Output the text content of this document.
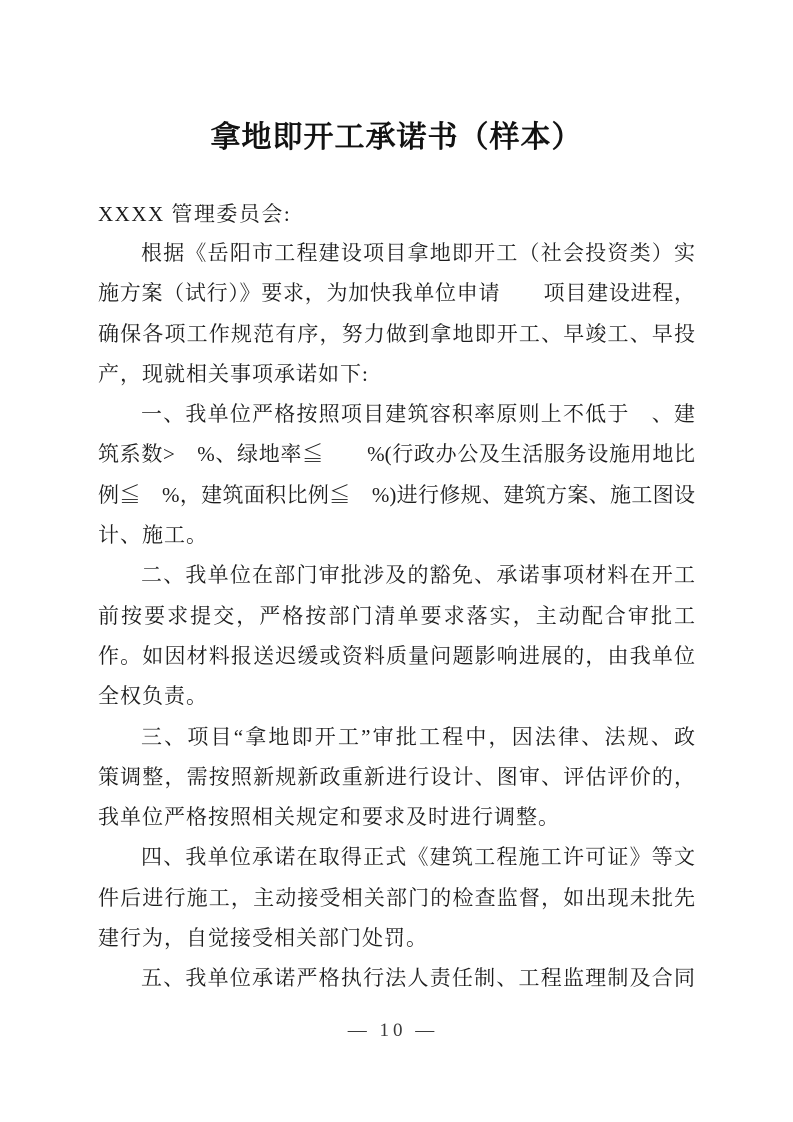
拿地即开工承诺书（样本）
XXXX 管理委员会:
根据《岳阳市工程建设项目拿地即开工（社会投资类）实
施方案（试行）》要求，为加快我单位申请　　项目建设进程，
确保各项工作规范有序，努力做到拿地即开工、早竣工、早投
产，现就相关事项承诺如下:
一、我单位严格按照项目建筑容积率原则上不低于　、建
筑系数>　%、绿地率≦　　%(行政办公及生活服务设施用地比
例≦　%，建筑面积比例≦　%)进行修规、建筑方案、施工图设
计、施工。
二、我单位在部门审批涉及的豁免、承诺事项材料在开工
前按要求提交，严格按部门清单要求落实，主动配合审批工
作。如因材料报送迟缓或资料质量问题影响进展的，由我单位
全权负责。
三、项目“拿地即开工”审批工程中，因法律、法规、政
策调整，需按照新规新政重新进行设计、图审、评估评价的，
我单位严格按照相关规定和要求及时进行调整。
四、我单位承诺在取得正式《建筑工程施工许可证》等文
件后进行施工，主动接受相关部门的检查监督，如出现未批先
建行为，自觉接受相关部门处罚。
五、我单位承诺严格执行法人责任制、工程监理制及合同
— 10 —
